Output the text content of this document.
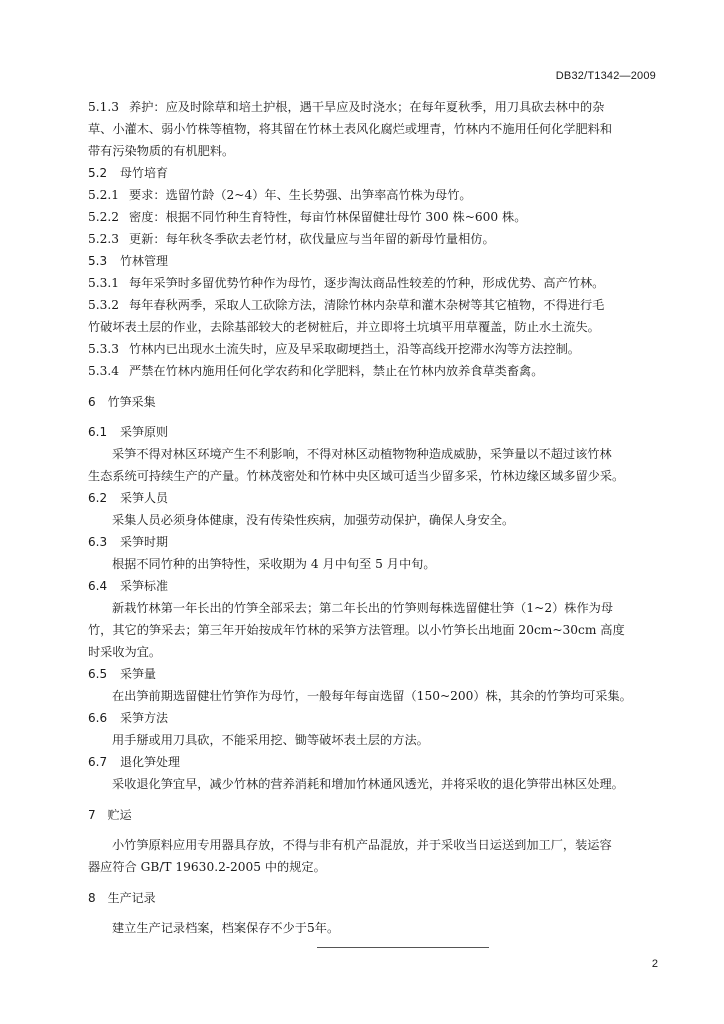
DB32/T1342—2009
5.1.3 养护：应及时除草和培土护根，遇干旱应及时浇水；在每年夏秋季，用刀具砍去林中的杂
草、小灌木、弱小竹株等植物，将其留在竹林土表风化腐烂或埋青，竹林内不施用任何化学肥料和
带有污染物质的有机肥料。
5.2 母竹培育
5.2.1 要求：选留竹龄（2~4）年、生长势强、出笋率高竹株为母竹。
5.2.2 密度：根据不同竹种生育特性，每亩竹林保留健壮母竹 300 株~600 株。
5.2.3 更新：每年秋冬季砍去老竹材，砍伐量应与当年留的新母竹量相仿。
5.3 竹林管理
5.3.1 每年采笋时多留优势竹种作为母竹，逐步淘汰商品性较差的竹种，形成优势、高产竹林。
5.3.2 每年春秋两季，采取人工砍除方法，清除竹林内杂草和灌木杂树等其它植物，不得进行毛
竹破坏表土层的作业，去除基部较大的老树桩后，并立即将土坑填平用草覆盖，防止水土流失。
5.3.3 竹林内已出现水土流失时，应及早采取砌埂挡土，沿等高线开挖滞水沟等方法控制。
5.3.4 严禁在竹林内施用任何化学农药和化学肥料，禁止在竹林内放养食草类畜禽。
6 竹笋采集
6.1 采笋原则
采笋不得对林区环境产生不利影响，不得对林区动植物物种造成威胁，采笋量以不超过该竹林
生态系统可持续生产的产量。竹林茂密处和竹林中央区域可适当少留多采，竹林边缘区域多留少采。
6.2 采笋人员
采集人员必须身体健康，没有传染性疾病，加强劳动保护，确保人身安全。
6.3 采笋时期
根据不同竹种的出笋特性，采收期为 4 月中旬至 5 月中旬。
6.4 采笋标准
新栽竹林第一年长出的竹笋全部采去；第二年长出的竹笋则每株选留健壮笋（1~2）株作为母
竹，其它的笋采去；第三年开始按成年竹林的采笋方法管理。以小竹笋长出地面 20cm~30cm 高度
时采收为宜。
6.5 采笋量
在出笋前期选留健壮竹笋作为母竹，一般每年每亩选留（150~200）株，其余的竹笋均可采集。
6.6 采笋方法
用手掰或用刀具砍，不能采用挖、锄等破坏表土层的方法。
6.7 退化笋处理
采收退化笋宜早，减少竹林的营养消耗和增加竹林通风透光，并将采收的退化笋带出林区处理。
7 贮运
小竹笋原料应用专用器具存放，不得与非有机产品混放，并于采收当日运送到加工厂，装运容
器应符合 GB/T 19630.2-2005 中的规定。
8 生产记录
建立生产记录档案，档案保存不少于5年。
2
